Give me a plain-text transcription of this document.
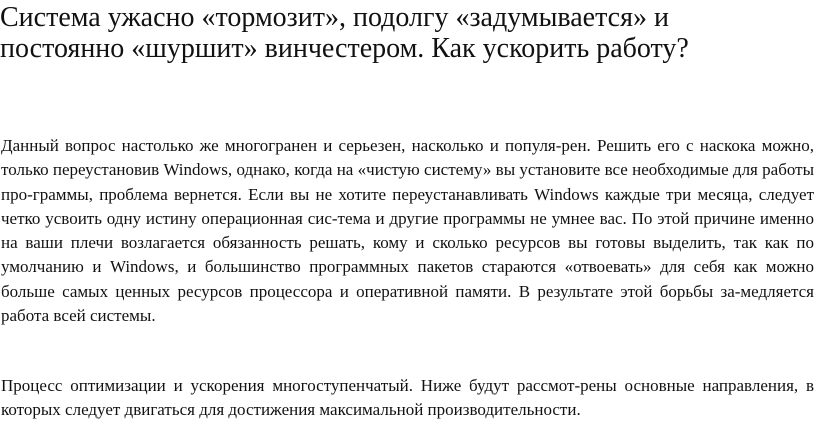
Система ужасно «тормозит», подолгу «задумывается» и постоянно «шуршит» винчестером. Как ускорить работу?

Данный вопрос настолько же многогранен и серьезен, насколько и популя-рен. Решить его с наскока можно, только переустановив Windows, однако, когда на «чистую систему» вы установите все необходимые для работы про-граммы, проблема вернется. Если вы не хотите переустанавливать Windows каждые три месяца, следует четко усвоить одну истину операционная сис-тема и другие программы не умнее вас. По этой причине именно на ваши плечи возлагается обязанность решать, кому и сколько ресурсов вы готовы выделить, так как по умолчанию и Windows, и большинство программных пакетов стараются «отвоевать» для себя как можно больше самых ценных ресурсов процессора и оперативной памяти. В результате этой борьбы за-медляется работа всей системы.

Процесс оптимизации и ускорения многоступенчатый. Ниже будут рассмот-рены основные направления, в которых следует двигаться для достижения максимальной производительности.
